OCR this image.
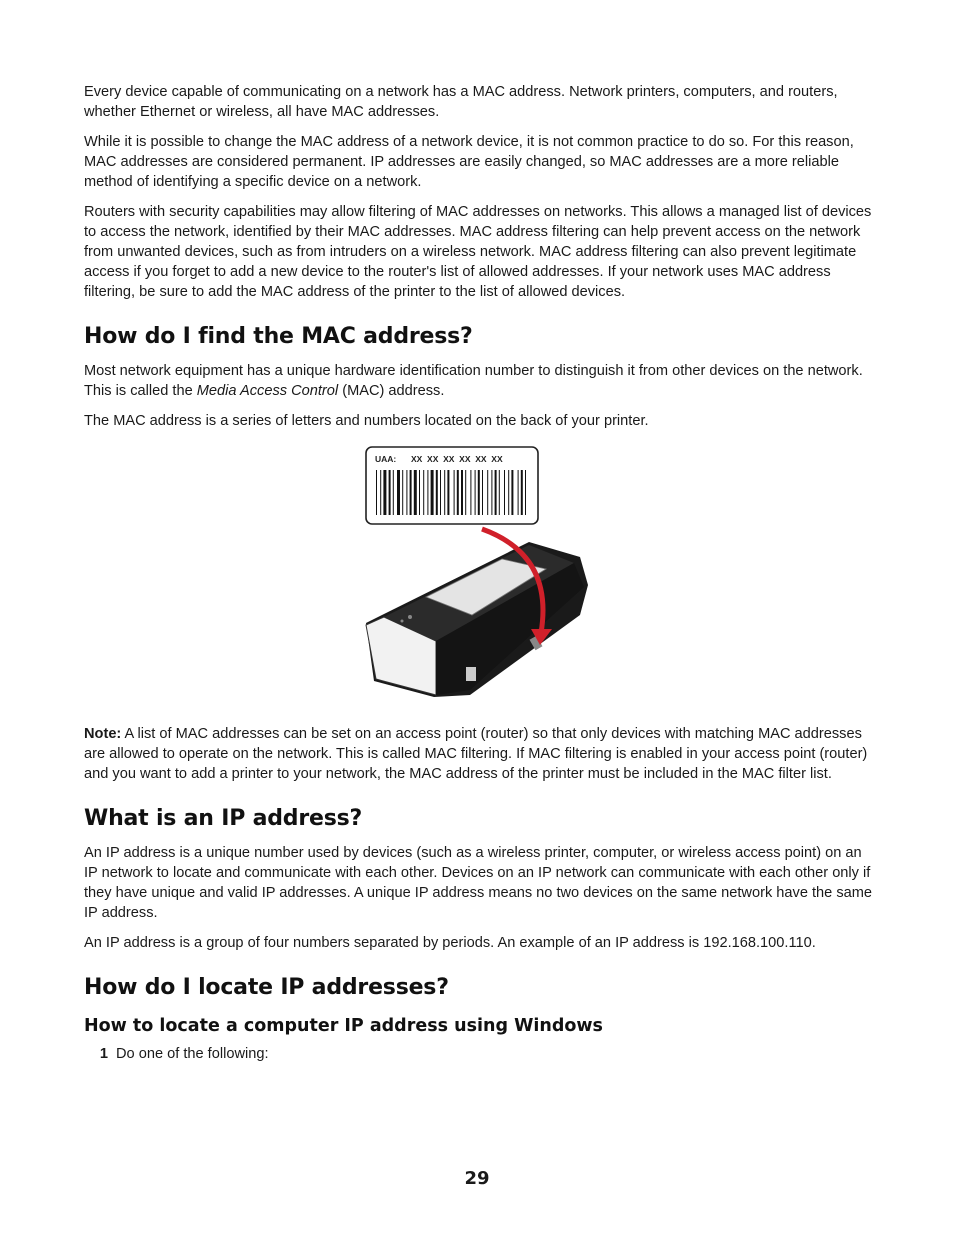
Every device capable of communicating on a network has a MAC address. Network printers, computers, and routers, whether Ethernet or wireless, all have MAC addresses.

While it is possible to change the MAC address of a network device, it is not common practice to do so. For this reason, MAC addresses are considered permanent. IP addresses are easily changed, so MAC addresses are a more reliable method of identifying a specific device on a network.

Routers with security capabilities may allow filtering of MAC addresses on networks. This allows a managed list of devices to access the network, identified by their MAC addresses. MAC address filtering can help prevent access on the network from unwanted devices, such as from intruders on a wireless network. MAC address filtering can also prevent legitimate access if you forget to add a new device to the router's list of allowed addresses. If your network uses MAC address filtering, be sure to add the MAC address of the printer to the list of allowed devices.

How do I find the MAC address?

Most network equipment has a unique hardware identification number to distinguish it from other devices on the network. This is called the Media Access Control (MAC) address.

The MAC address is a series of letters and numbers located on the back of your printer.

UAA: XX  XX  XX  XX  XX  XX

Note: A list of MAC addresses can be set on an access point (router) so that only devices with matching MAC addresses are allowed to operate on the network. This is called MAC filtering. If MAC filtering is enabled in your access point (router) and you want to add a printer to your network, the MAC address of the printer must be included in the MAC filter list.

What is an IP address?

An IP address is a unique number used by devices (such as a wireless printer, computer, or wireless access point) on an IP network to locate and communicate with each other. Devices on an IP network can communicate with each other only if they have unique and valid IP addresses. A unique IP address means no two devices on the same network have the same IP address.

An IP address is a group of four numbers separated by periods. An example of an IP address is 192.168.100.110.

How do I locate IP addresses?
How to locate a computer IP address using Windows
1 Do one of the following:
29
